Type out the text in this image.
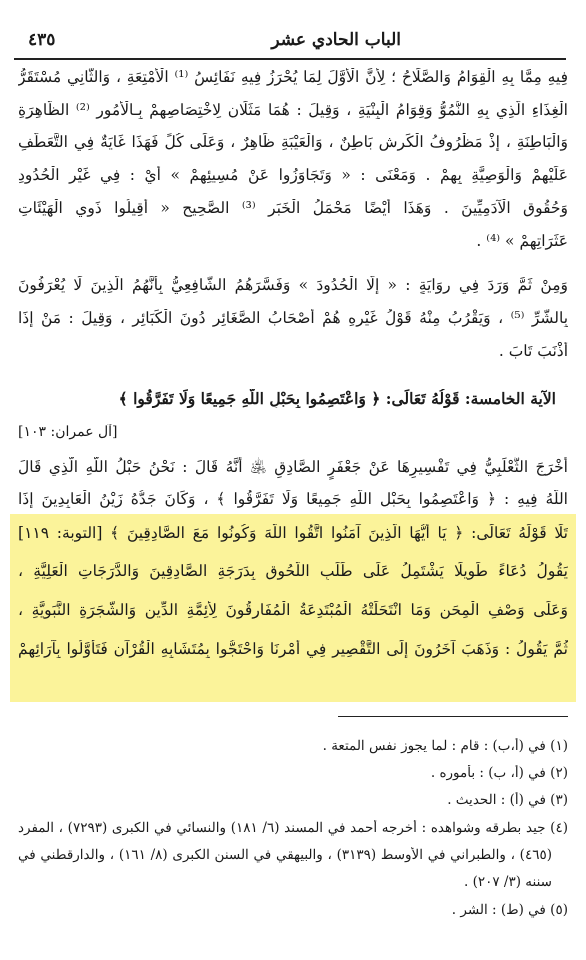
الباب الحادي عشر
٤٣٥
فِيهِ مِمَّا بِهِ الْقِوَامُ وَالصَّلَاحُ ؛ لِأَنَّ الْأَوَّلَ لِمَا يُحْرَزُ فِيهِ نَفَائِسُ ⁽¹⁾ الْأَمْتِعَةِ ، وَالثَّانِي مُسْتَقَرُّ
الْغِذَاءِ الَّذِي بِهِ النُّمُوُّ وَقِوَامُ الْبِنْيَةِ ، وَقِيلَ : هُمَا مَثَلَانِ لِاخْتِصَاصِهِمْ بِـالْأُمُورِ ⁽²⁾ الظَّاهِرَةِ
وَالْبَاطِنَةِ ، إِذْ مَظْرُوفُ الْكَرِشِ بَاطِنٌ ، وَالْعَيْبَةِ ظَاهِرٌ ، وَعَلَى كُلٍّ فَهَذَا غَايَةٌ فِي التَّعَطُّفِ
عَلَيْهِمْ وَالْوَصِيَّةِ بِهِمْ . وَمَعْنَى : « وَتَجَاوَزُوا عَنْ مُسِيئِهِمْ » أَيْ : فِي غَيْرِ الْحُدُودِ
وَحُقُوقِ الْآدَمِيِّينَ . وَهَذَا أَيْضًا مَحْمَلُ الْخَبَرِ ⁽³⁾ الصَّحِيحِ « أَقِيلُوا ذَوِي الْهَيْئَاتِ
عَثَرَاتِهِمْ » ⁽⁴⁾ .
وَمِنْ ثَمَّ وَرَدَ فِي رِوَايَةٍ : « إِلَّا الْحُدُودَ » وَفَسَّرَهُمُ الشَّافِعِيُّ بِأَنَّهُمُ الَّذِينَ لَا يُعْرَفُونَ
بِالشَّرِّ ⁽⁵⁾ ، وَيَقْرُبُ مِنْهُ قَوْلُ غَيْرِهِ هُمْ أَصْحَابُ الصَّغَائِرِ دُونَ الْكَبَائِرِ ، وَقِيلَ : مَنْ إِذَا
أَذْنَبَ تَابَ .
الآية الخامسة: قَوْلُهُ تَعَالَى: ﴿ وَاعْتَصِمُوا بِحَبْلِ اللَّهِ جَمِيعًا وَلَا تَفَرَّقُوا ﴾
[آل عمران: ١٠٣]
أَخْرَجَ الثَّعْلَبِيُّ فِي تَفْسِيرِهَا عَنْ جَعْفَرٍ الصَّادِقِ ﵁ أَنَّهُ قَالَ : نَحْنُ حَبْلُ اللَّهِ الَّذِي قَالَ
اللَّهُ فِيهِ : ﴿ وَاعْتَصِمُوا بِحَبْلِ اللَّهِ جَمِيعًا وَلَا تَفَرَّقُوا ﴾ ، وَكَانَ جَدُّهُ زَيْنُ الْعَابِدِينَ إِذَا
تَلَا قَوْلَهُ تَعَالَى: ﴿ يَا أَيُّهَا الَّذِينَ آمَنُوا اتَّقُوا اللَّهَ وَكُونُوا مَعَ الصَّادِقِينَ ﴾ [التوبة: ١١٩]
يَقُولُ دُعَاءً طَوِيلًا يَشْتَمِلُ عَلَى طَلَبِ اللُّحُوقِ بِدَرَجَةِ الصَّادِقِينَ وَالدَّرَجَاتِ الْعَلِيَّةِ ،
وَعَلَى وَصْفِ الْمِحَنِ وَمَا انْتَحَلَتْهُ الْمُبْتَدِعَةُ الْمُفَارِقُونَ لِأَئِمَّةِ الدِّينِ وَالشَّجَرَةِ النَّبَوِيَّةِ ،
ثُمَّ يَقُولُ : وَذَهَبَ آخَرُونَ إِلَى التَّقْصِيرِ فِي أَمْرِنَا وَاحْتَجُّوا بِمُتَشَابِهِ الْقُرْآنِ فَتَأَوَّلُوا بِآرَائِهِمْ
(١) في (أ،ب) : قام : لما يجوز نفس المتعة .
(٢) في (أ، ب) : بأموره .
(٣) في (أ) : الحديث .
(٤) جيد بطرقه وشواهده : أخرجه أحمد في المسند (٦/ ١٨١) والنسائي في الكبرى (٧٢٩٣) ، المفرد
(٤٦٥) ، والطبراني في الأوسط (٣١٣٩) ، والبيهقي في السنن الكبرى (٨/ ١٦١) ، والدارقطني في
سننه (٣/ ٢٠٧) .
(٥) في (ط) : الشر .
